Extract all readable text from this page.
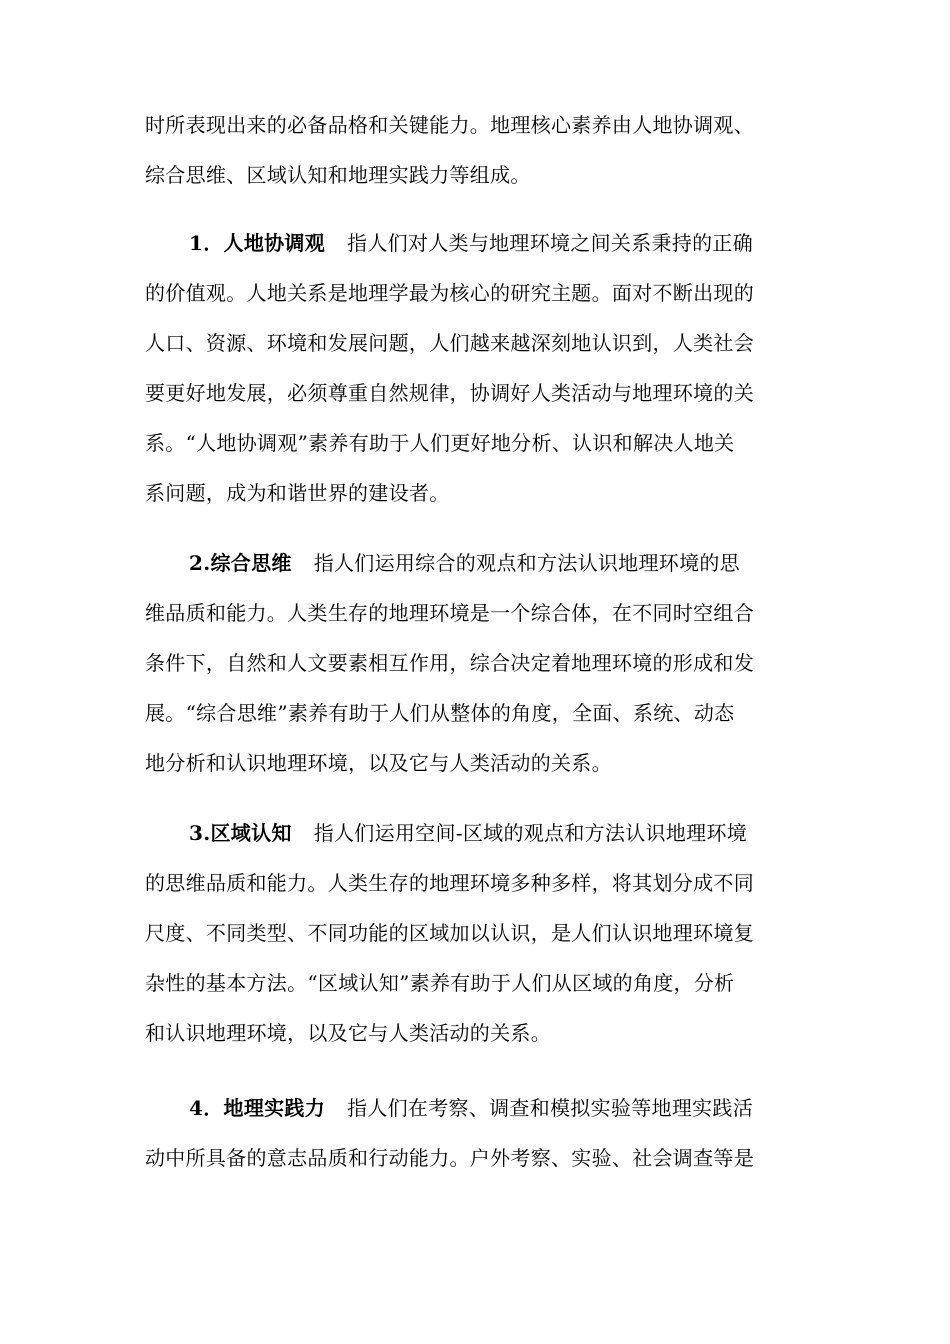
时所表现出来的必备品格和关键能力。地理核心素养由人地协调观、
综合思维、区域认知和地理实践力等组成。
1．人地协调观 指人们对人类与地理环境之间关系秉持的正确
的价值观。人地关系是地理学最为核心的研究主题。面对不断出现的
人口、资源、环境和发展问题，人们越来越深刻地认识到，人类社会
要更好地发展，必须尊重自然规律，协调好人类活动与地理环境的关
系。“人地协调观”素养有助于人们更好地分析、认识和解决人地关
系问题，成为和谐世界的建设者。
2.综合思维 指人们运用综合的观点和方法认识地理环境的思
维品质和能力。人类生存的地理环境是一个综合体，在不同时空组合
条件下，自然和人文要素相互作用，综合决定着地理环境的形成和发
展。“综合思维”素养有助于人们从整体的角度，全面、系统、动态
地分析和认识地理环境，以及它与人类活动的关系。
3.区域认知 指人们运用空间-区域的观点和方法认识地理环境
的思维品质和能力。人类生存的地理环境多种多样，将其划分成不同
尺度、不同类型、不同功能的区域加以认识，是人们认识地理环境复
杂性的基本方法。“区域认知”素养有助于人们从区域的角度，分析
和认识地理环境，以及它与人类活动的关系。
4．地理实践力 指人们在考察、调查和模拟实验等地理实践活
动中所具备的意志品质和行动能力。户外考察、实验、社会调查等是
